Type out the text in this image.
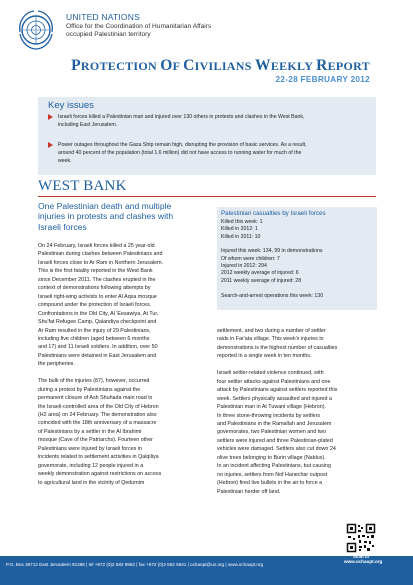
UNITED NATIONS
Office for the Coordination of Humanitarian Affairs
occupied Palestinian territory
PROTECTION OF CIVILIANS WEEKLY REPORT
22-28 FEBRUARY 2012
Key issues
Israeli forces killed a Palestinian man and injured over 130 others in protests and clashes in the West Bank,
including East Jerusalem.
Power outages throughout the Gaza Strip remain high, disrupting the provision of basic services. As a result,
around 40 percent of the population (total 1.6 million) did not have access to running water for much of the
week.
WEST BANK
One Palestinian death and multiple
injuries in protests and clashes with
Israeli forces
Palestinian casualties by Israeli forces
Killed this week: 1
Killed in 2012: 1
Killed in 2011: 10
Injured this week: 134, 99 in demonstrations
Of whom were children: 7
Injured in 2012: 294
2012 weekly average of injured: 6
2011 weekly average of injured: 28
Search-and-arrest operations this week: 130
On 24 February, Israeli forces killed a 25 year-old
Palestinian during clashes between Palestinians and
Israeli forces close to Ar Ram in Northern Jerusalem.
This is the first fatality reported in the West Bank
since December 2011. The clashes erupted in the
context of demonstrations following attempts by
Israeli right-wing activists to enter Al Aqsa mosque
compound under the protection of Israeli forces.
Confrontations in the Old City, Al 'Eesawiya, At Tur,
Shu'fat Refugee Camp, Qalandiya checkpoint and
Ar Ram resulted in the injury of 29 Palestinians,
including five children (aged between 6 months
and 17) and 11 Israeli soldiers. In addition, over 50
Palestinians were detained in East Jerusalem and
the peripheries.
The bulk of the injuries (87), however, occurred
during a protest by Palestinians against the
permanent closure of Ash Shuhada main road in
the Israeli-controlled area of the Old City of Hebron
(H2 area) on 24 February. The demonstration also
coincided with the 18th anniversary of a massacre
of Palestinians by a settler in the Al Ibrahimi
mosque (Cave of the Patriarchs). Fourteen other
Palestinians were injured by Israeli forces in
incidents related to settlement activities in Qalqiliya
governorate, including 12 people injured in a
weekly demonstration against restrictions on access
to agricultural land in the vicinity of Qedumim
settlement, and two during a number of settler
raids in Far'ata village. This week's injuries in
demonstrations is the highest number of casualties
reported in a single week in ten months.
Israeli settler-related violence continued, with
four settler attacks against Palestinians and one
attack by Palestinians against settlers reported this
week. Settlers physically assaulted and injured a
Palestinian man in At Tuwani village (Hebron).
In three stone-throwing incidents by settlers
and Palestinians in the Ramallah and Jerusalem
governorates, two Palestinian women and two
settlers were injured and three Palestinian-plated
vehicles were damaged. Settlers also cut down 24
olive trees belonging to Burin village (Nablus).
In an incident affecting Palestinians, but causing
no injuries, settlers from Nof Hanechar outpost
(Hebron) fired live bullets in the air to force a
Palestinian herder off land.
P.O. Box 38712 East Jerusalem 91386 | tel +972 (0)2 582 9962 | fax +972 (0)2 582 5841 | ochaopt@un.org | www.ochaopt.org
Scan it!
www.ochaopt.org
